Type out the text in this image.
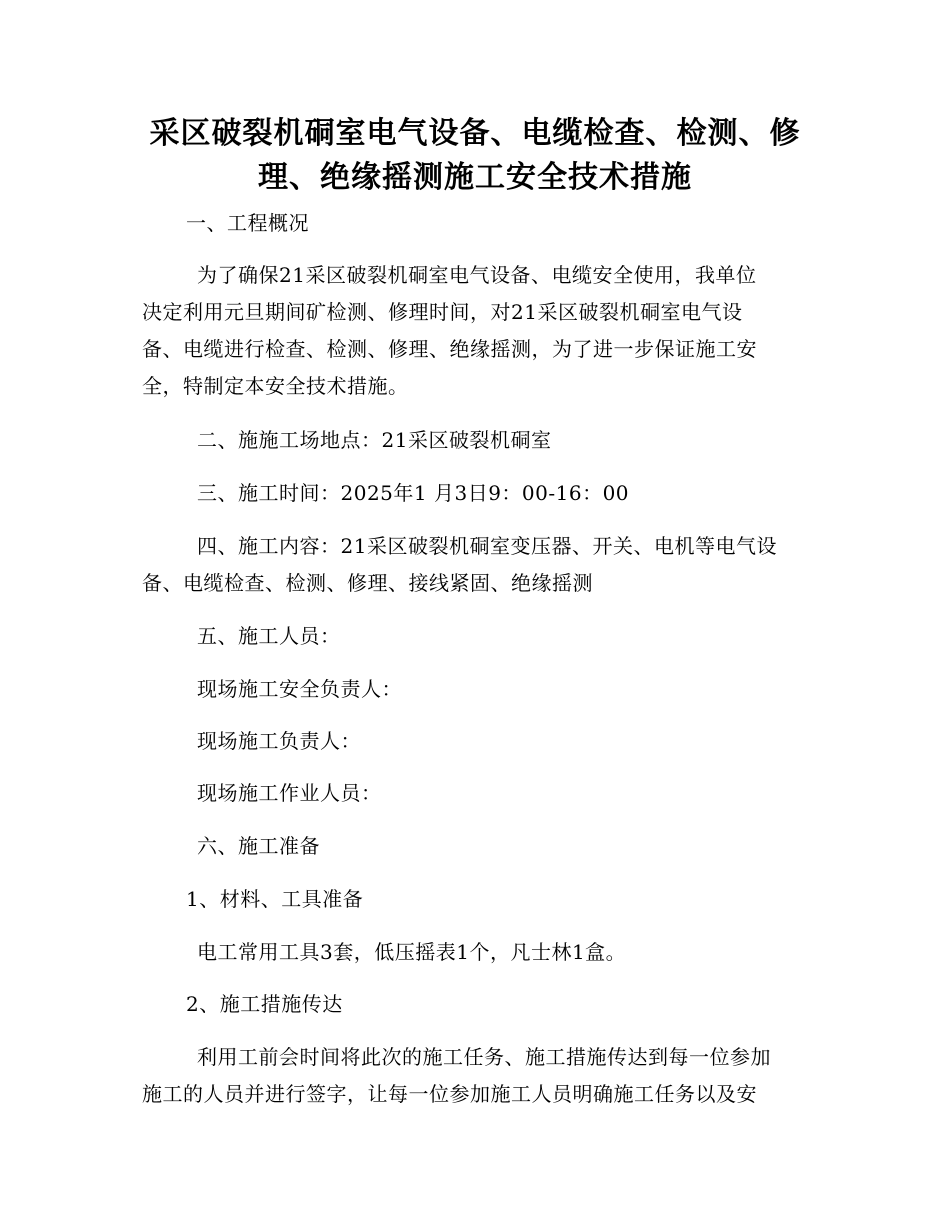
采区破裂机硐室电气设备、电缆检查、检测、修
理、绝缘摇测施工安全技术措施
一、工程概况
为了确保21采区破裂机硐室电气设备、电缆安全使用，我单位
决定利用元旦期间矿检测、修理时间，对21采区破裂机硐室电气设
备、电缆进行检查、检测、修理、绝缘摇测，为了进一步保证施工安
全，特制定本安全技术措施。
二、施施工场地点：21采区破裂机硐室
三、施工时间：2025年1 月3日9：00-16：00
四、施工内容：21采区破裂机硐室变压器、开关、电机等电气设
备、电缆检查、检测、修理、接线紧固、绝缘摇测
五、施工人员：
现场施工安全负责人：
现场施工负责人：
现场施工作业人员：
六、施工准备
1、材料、工具准备
电工常用工具3套，低压摇表1个，凡士林1盒。
2、施工措施传达
利用工前会时间将此次的施工任务、施工措施传达到每一位参加
施工的人员并进行签字，让每一位参加施工人员明确施工任务以及安
